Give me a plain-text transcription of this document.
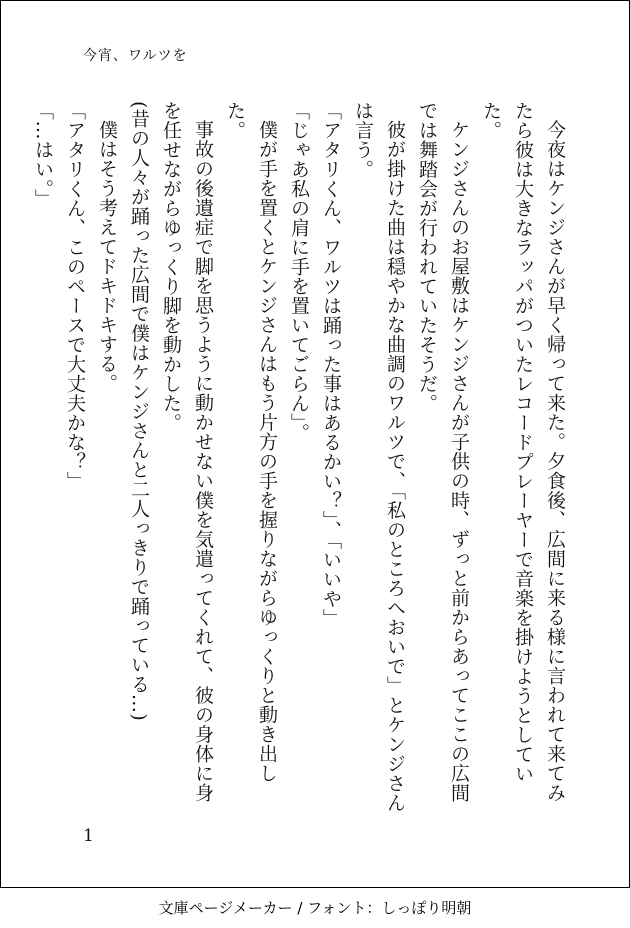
今宵、ワルツを

今夜はケンジさんが早く帰って来た。夕食後、広間に来る様に言われて来てみたら彼は大きなラッパがついたレコードプレーヤーで音楽を掛けようとしていた。

ケンジさんのお屋敷はケンジさんが子供の時、ずっと前からあってここの広間では舞踏会が行われていたそうだ。

彼が掛けた曲は穏やかな曲調のワルツで、「私のところへおいで」とケンジさんは言う。

「アタリくん、ワルツは踊った事はあるかい？」、「いいや」

「じゃあ私の肩に手を置いてごらん」。

僕が手を置くとケンジさんはもう片方の手を握りながらゆっくりと動き出した。

事故の後遺症で脚を思うように動かせない僕を気遣ってくれて、彼の身体に身を任せながらゆっくり脚を動かした。

(昔の人々が踊った広間で僕はケンジさんと二人っきりで踊っている…)

僕はそう考えてドキドキする。

「アタリくん、このペースで大丈夫かな？」

「…はい。」

1
文庫ページメーカー / フォント：しっぽり明朝
